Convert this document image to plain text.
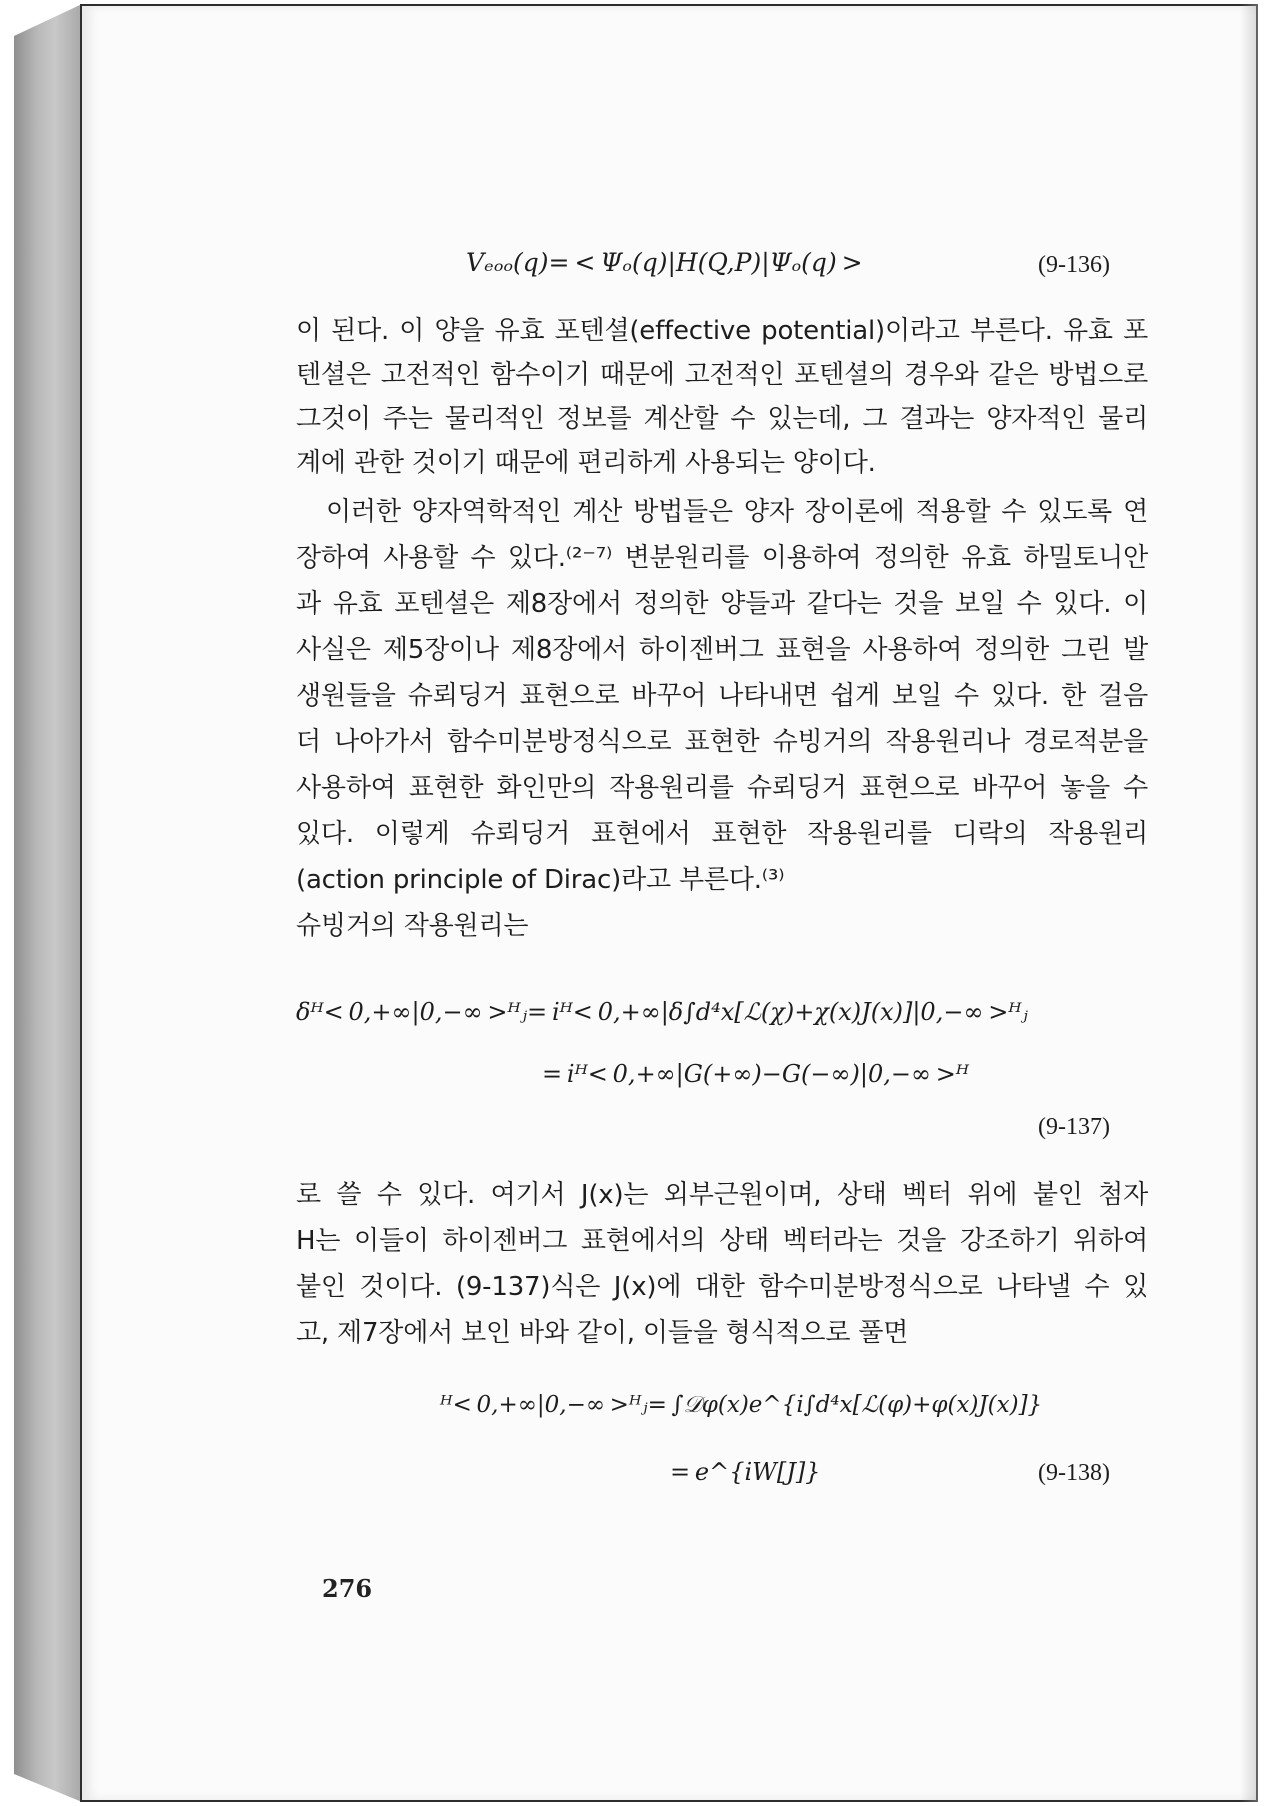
Vₑₒₒ(q)= < Ψₒ(q)|H(Q,P)|Ψₒ(q) >	(9-136)
이 된다. 이 양을 유효 포텐셜(effective potential)이라고 부른다. 유효 포
텐셜은 고전적인 함수이기 때문에 고전적인 포텐셜의 경우와 같은 방법으로
그것이 주는 물리적인 정보를 계산할 수 있는데, 그 결과는 양자적인 물리
계에 관한 것이기 때문에 편리하게 사용되는 양이다.
이러한 양자역학적인 계산 방법들은 양자 장이론에 적용할 수 있도록 연
장하여 사용할 수 있다.⁽²⁻⁷⁾ 변분원리를 이용하여 정의한 유효 하밀토니안
과 유효 포텐셜은 제8장에서 정의한 양들과 같다는 것을 보일 수 있다. 이
사실은 제5장이나 제8장에서 하이젠버그 표현을 사용하여 정의한 그린 발
생원들을 슈뢰딩거 표현으로 바꾸어 나타내면 쉽게 보일 수 있다. 한 걸음
더 나아가서 함수미분방정식으로 표현한 슈빙거의 작용원리나 경로적분을
사용하여 표현한 화인만의 작용원리를 슈뢰딩거 표현으로 바꾸어 놓을 수
있다. 이렇게 슈뢰딩거 표현에서 표현한 작용원리를 디락의 작용원리
(action principle of Dirac)라고 부른다.⁽³⁾
슈빙거의 작용원리는
δᴴ< 0,+∞|0,−∞ >ᴴⱼ= iᴴ< 0,+∞|δ∫d⁴x[ℒ(χ)+χ(x)J(x)]|0,−∞ >ᴴⱼ
= iᴴ< 0,+∞|G(+∞)−G(−∞)|0,−∞ >ᴴ
(9-137)
로 쓸 수 있다. 여기서 J(x)는 외부근원이며, 상태 벡터 위에 붙인 첨자
H는 이들이 하이젠버그 표현에서의 상태 벡터라는 것을 강조하기 위하여
붙인 것이다. (9-137)식은 J(x)에 대한 함수미분방정식으로 나타낼 수 있
고, 제7장에서 보인 바와 같이, 이들을 형식적으로 풀면
ᴴ< 0,+∞|0,−∞ >ᴴⱼ= ∫𝒟φ(x)e^{i∫d⁴x[ℒ(φ)+φ(x)J(x)]}
= e^{iW[J]}	(9-138)
276
